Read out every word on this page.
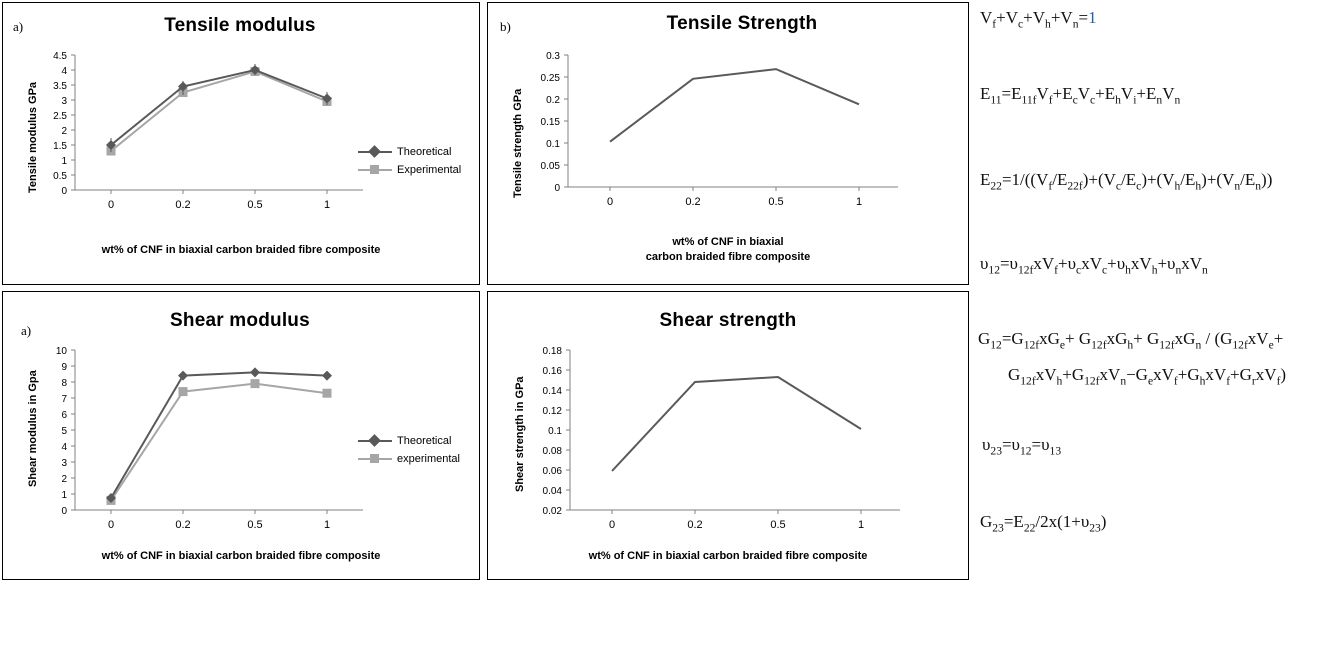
a)	Tensile modulus
Tensile modulus GPa
4.5
4
3.5
3
2.5
2
1.5
1
0.5
0
0	0.2	0.5	1
Theoretical
Experimental
wt% of CNF in biaxial carbon braided fibre composite
b)	Tensile Strength
Tensile strength GPa
0.3
0.25
0.2
0.15
0.1
0.05
0
0	0.2	0.5	1
wt% of CNF in biaxial
carbon braided fibre composite
a)	Shear modulus
Shear modulus in Gpa
10
9
8
7
6
5
4
3
2
1
0
0	0.2	0.5	1
Theoretical
experimental
wt% of CNF in biaxial carbon braided fibre composite
Shear strength
Shear strength in GPa
0.18
0.16
0.14
0.12
0.1
0.08
0.06
0.04
0.02
0	0.2	0.5	1
wt% of CNF in biaxial carbon braided fibre composite
$V_f+V_c+V_h+V_n=1$
$E_{11}=E_{11f}V_f+E_cV_c+E_hV_i+E_nV_n$
$E_{22}=1/((V_f/E_{22f})+(V_c/E_c)+(V_h/E_h)+(V_n/E_n))$
$\upsilon_{12}=\upsilon_{12f}xV_f+\upsilon_cxV_c+\upsilon_hxV_h+\upsilon_nxV_n$
$G_{12}=G_{12f}xG_e+ G_{12f}xG_h+ G_{12f}xG_n / (G_{12f}xV_e+$
$G_{12f}xV_h+G_{12f}xV_n-G_exV_f+G_hxV_f+G_rxV_f$)
$\upsilon_{23}=\upsilon_{12}=\upsilon_{13}$
$G_{23}=E_{22}/2x(1+\upsilon_{23})$
